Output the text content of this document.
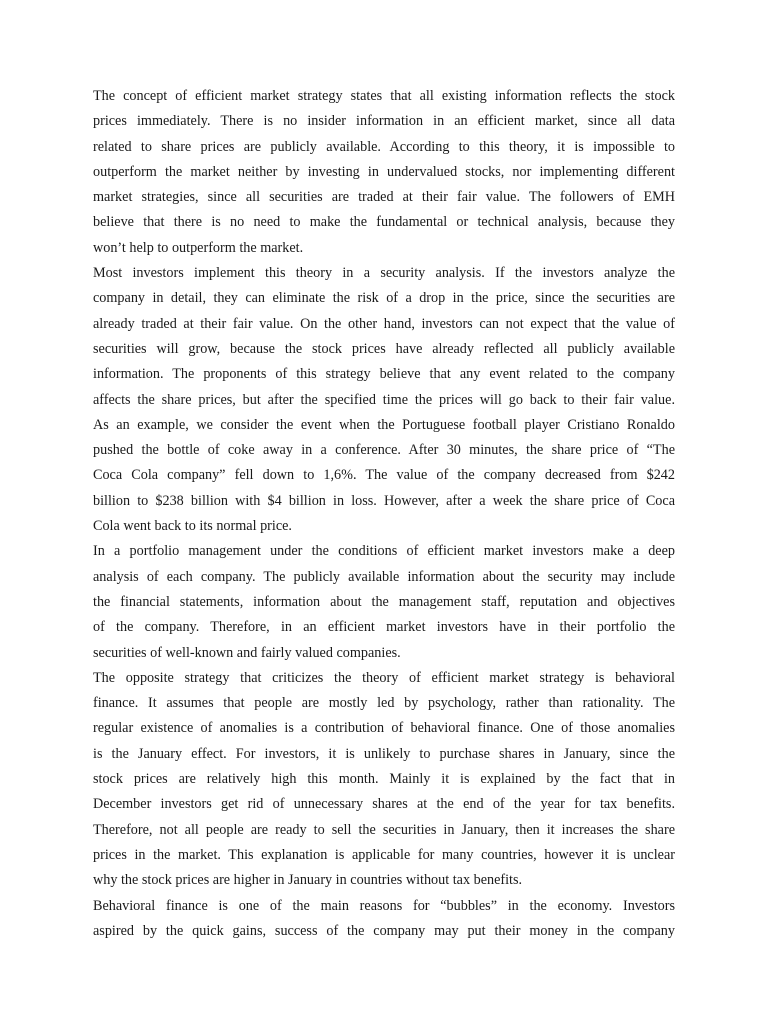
The concept of efficient market strategy states that all existing information reflects the stock
prices immediately. There is no insider information in an efficient market, since all data
related to share prices are publicly available. According to this theory, it is impossible to
outperform the market neither by investing in undervalued stocks, nor implementing different
market strategies, since all securities are traded at their fair value. The followers of EMH
believe that there is no need to make the fundamental or technical analysis, because they
won’t help to outperform the market.
Most investors implement this theory in a security analysis. If the investors analyze the
company in detail, they can eliminate the risk of a drop in the price, since the securities are
already traded at their fair value. On the other hand, investors can not expect that the value of
securities will grow, because the stock prices have already reflected all publicly available
information. The proponents of this strategy believe that any event related to the company
affects the share prices, but after the specified time the prices will go back to their fair value.
As an example, we consider the event when the Portuguese football player Cristiano Ronaldo
pushed the bottle of coke away in a conference. After 30 minutes, the share price of “The
Coca Cola company” fell down to 1,6%. The value of the company decreased from $242
billion to $238 billion with $4 billion in loss. However, after a week the share price of Coca
Cola went back to its normal price.
In a portfolio management under the conditions of efficient market investors make a deep
analysis of each company. The publicly available information about the security may include
the financial statements, information about the management staff, reputation and objectives
of the company. Therefore, in an efficient market investors have in their portfolio the
securities of well-known and fairly valued companies.
The opposite strategy that criticizes the theory of efficient market strategy is behavioral
finance. It assumes that people are mostly led by psychology, rather than rationality. The
regular existence of anomalies is a contribution of behavioral finance. One of those anomalies
is the January effect. For investors, it is unlikely to purchase shares in January, since the
stock prices are relatively high this month. Mainly it is explained by the fact that in
December investors get rid of unnecessary shares at the end of the year for tax benefits.
Therefore, not all people are ready to sell the securities in January, then it increases the share
prices in the market. This explanation is applicable for many countries, however it is unclear
why the stock prices are higher in January in countries without tax benefits.
Behavioral finance is one of the main reasons for “bubbles” in the economy. Investors
aspired by the quick gains, success of the company may put their money in the company
